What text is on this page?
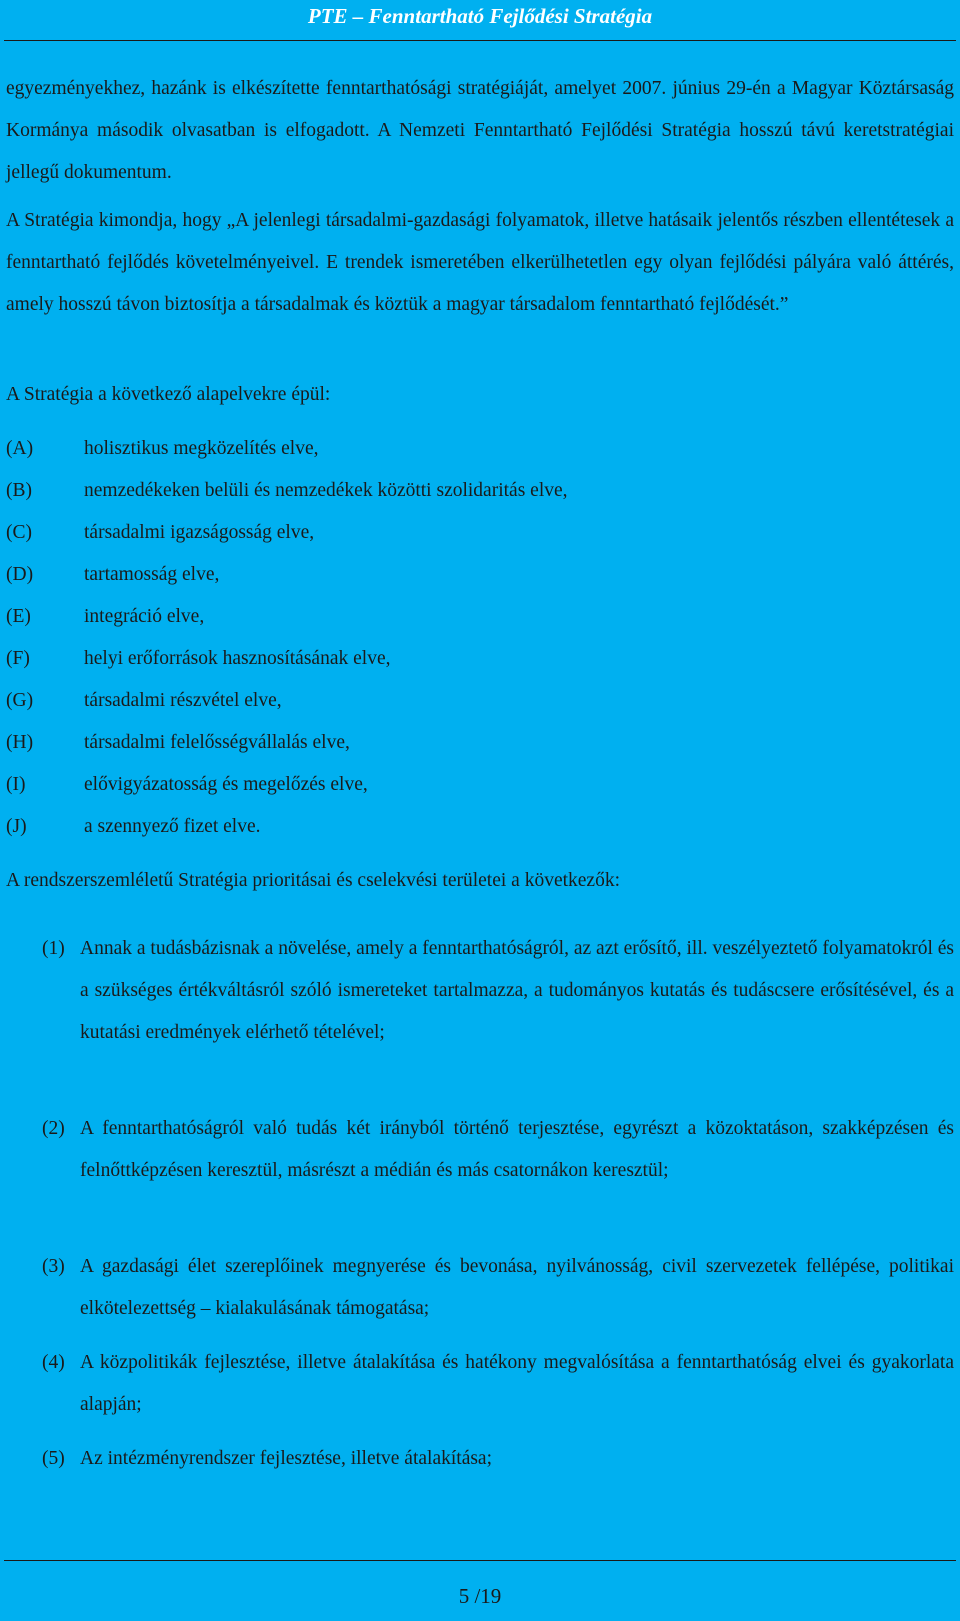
PTE – Fenntartható Fejlődési Stratégia
egyezményekhez, hazánk is elkészítette fenntarthatósági stratégiáját, amelyet 2007. június 29-én a Magyar Köztársaság Kormánya második olvasatban is elfogadott. A Nemzeti Fenntartható Fejlődési Stratégia hosszú távú keretstratégiai jellegű dokumentum.
A Stratégia kimondja, hogy „A jelenlegi társadalmi-gazdasági folyamatok, illetve hatásaik jelentős részben ellentétesek a fenntartható fejlődés követelményeivel. E trendek ismeretében elkerülhetetlen egy olyan fejlődési pályára való áttérés, amely hosszú távon biztosítja a társadalmak és köztük a magyar társadalom fenntartható fejlődését.”
A Stratégia a következő alapelvekre épül:
(A)	holisztikus megközelítés elve,
(B)	nemzedékeken belüli és nemzedékek közötti szolidaritás elve,
(C)	társadalmi igazságosság elve,
(D)	tartamosság elve,
(E)	integráció elve,
(F)	helyi erőforrások hasznosításának elve,
(G)	társadalmi részvétel elve,
(H)	társadalmi felelősségvállalás elve,
(I)	elővigyázatosság és megelőzés elve,
(J)	a szennyező fizet elve.
A rendszerszemléletű Stratégia prioritásai és cselekvési területei a következők:
(1) Annak a tudásbázisnak a növelése, amely a fenntarthatóságról, az azt erősítő, ill. veszélyeztető folyamatokról és a szükséges értékváltásról szóló ismereteket tartalmazza, a tudományos kutatás és tudáscsere erősítésével, és a kutatási eredmények elérhető tételével;
(2) A fenntarthatóságról való tudás két irányból történő terjesztése, egyrészt a közoktatáson, szakképzésen és felnőttképzésen keresztül, másrészt a médián és más csatornákon keresztül;
(3) A gazdasági élet szereplőinek megnyerése és bevonása, nyilvánosság, civil szervezetek fellépése, politikai elkötelezettség – kialakulásának támogatása;
(4) A közpolitikák fejlesztése, illetve átalakítása és hatékony megvalósítása a fenntarthatóság elvei és gyakorlata alapján;
(5) Az intézményrendszer fejlesztése, illetve átalakítása;
5 /19
